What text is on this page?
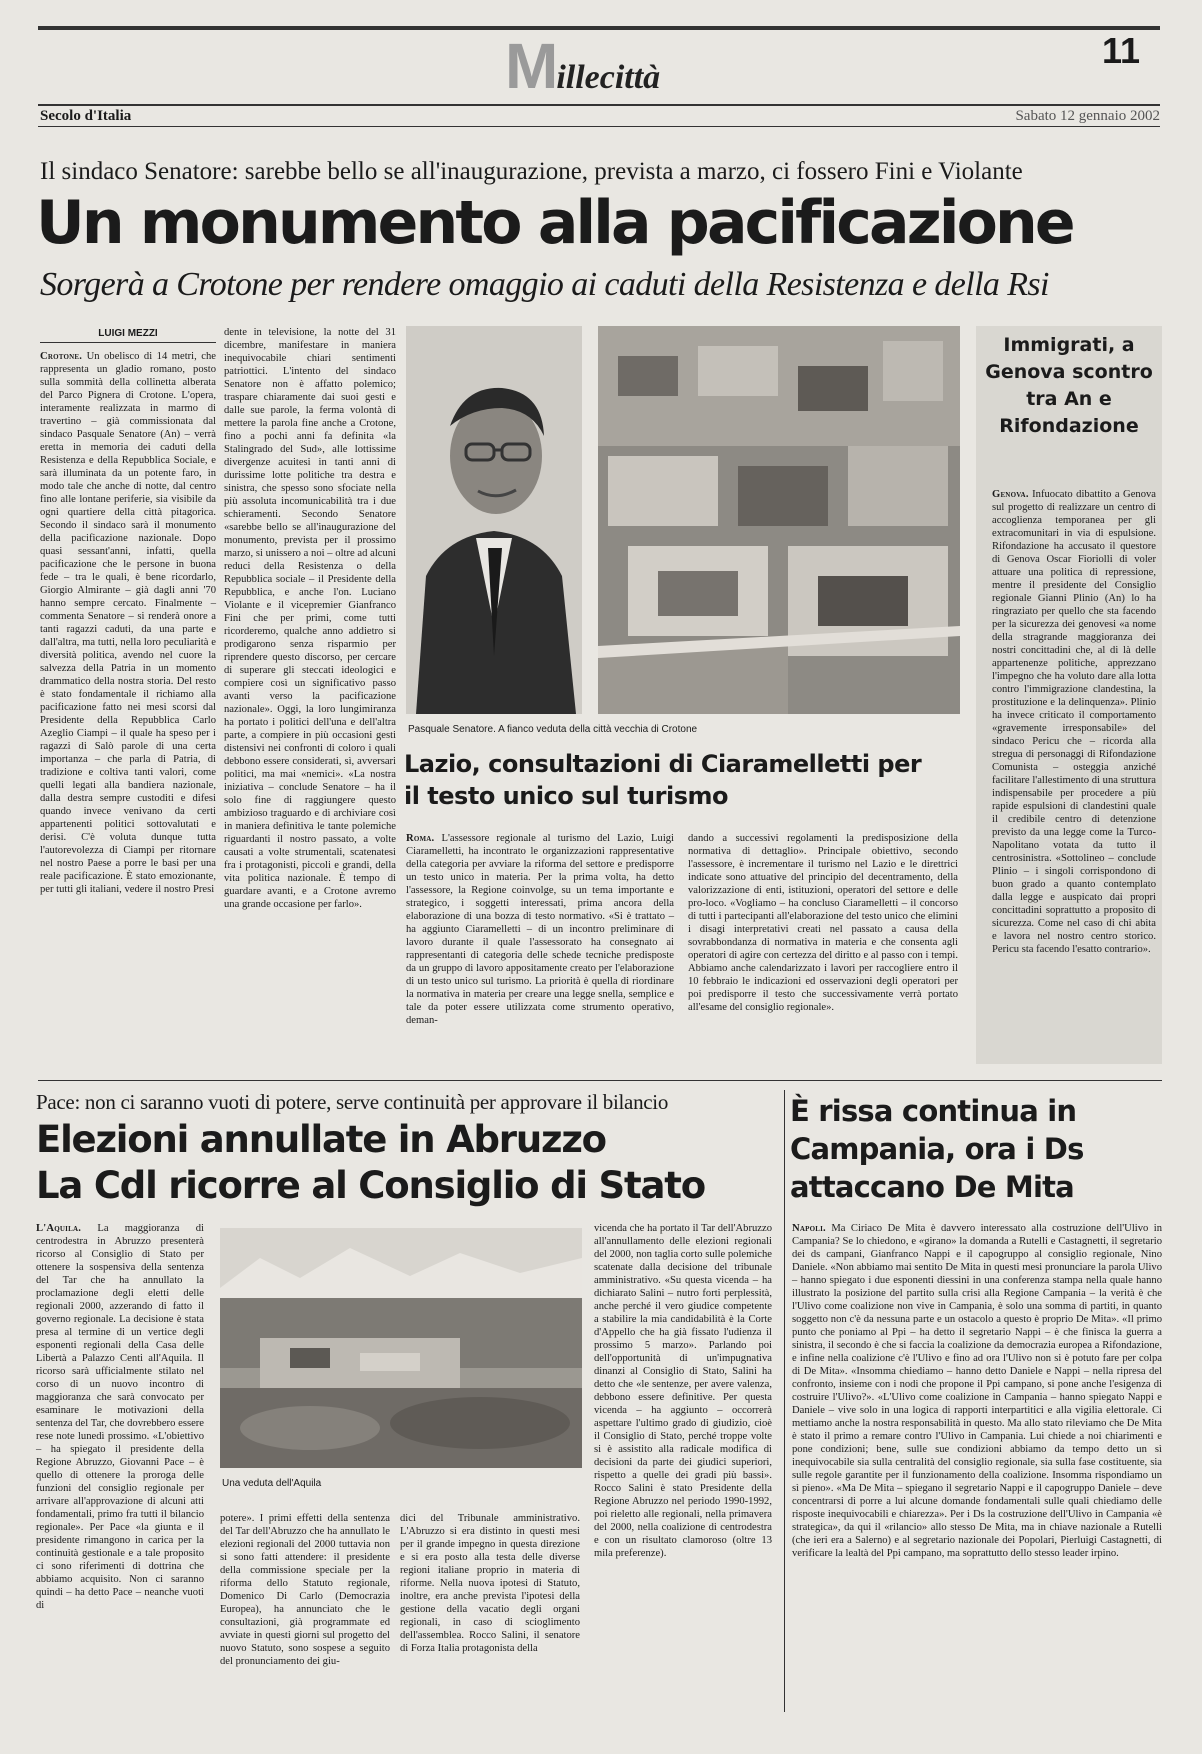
Millecittà
11
Secolo d'Italia	Sabato 12 gennaio 2002
Il sindaco Senatore: sarebbe bello se all'inaugurazione, prevista a marzo, ci fossero Fini e Violante
Un monumento alla pacificazione
Sorgerà a Crotone per rendere omaggio ai caduti della Resistenza e della Rsi
LUIGI MEZZI
Crotone. Un obelisco di 14 metri, che rappresenta un gladio romano, posto sulla sommità della collinetta alberata del Parco Pignera di Crotone. L'opera, interamente realizzata in marmo di travertino – già commissionata dal sindaco Pasquale Senatore (An) – verrà eretta in memoria dei caduti della Resistenza e della Repubblica Sociale, e sarà illuminata da un potente faro, in modo tale che anche di notte, dal centro fino alle lontane periferie, sia visibile da ogni quartiere della città pitagorica. Secondo il sindaco sarà il monumento della pacificazione nazionale. Dopo quasi sessant'anni, infatti, quella pacificazione che le persone in buona fede – tra le quali, è bene ricordarlo, Giorgio Almirante – già dagli anni '70 hanno sempre cercato. Finalmente – commenta Senatore – si renderà onore a tanti ragazzi caduti, da una parte e dall'altra, ma tutti, nella loro peculiarità e diversità politica, avendo nel cuore la salvezza della Patria in un momento drammatico della nostra storia. Del resto è stato fondamentale il richiamo alla pacificazione fatto nei mesi scorsi dal Presidente della Repubblica Carlo Azeglio Ciampi – il quale ha speso per i ragazzi di Salò parole di una certa importanza – che parla di Patria, di tradizione e coltiva tanti valori, come quelli legati alla bandiera nazionale, dalla destra sempre custoditi e difesi quando invece venivano da certi appartenenti politici sottovalutati e derisi. C'è voluta dunque tutta l'autorevolezza di Ciampi per ritornare nel nostro Paese a porre le basi per una reale pacificazione. È stato emozionante, per tutti gli italiani, vedere il nostro Presi
dente in televisione, la notte del 31 dicembre, manifestare in maniera inequivocabile chiari sentimenti patriottici. L'intento del sindaco Senatore non è affatto polemico; traspare chiaramente dai suoi gesti e dalle sue parole, la ferma volontà di mettere la parola fine anche a Crotone, fino a pochi anni fa definita «la Stalingrado del Sud», alle lottissime divergenze acuitesi in tanti anni di durissime lotte politiche tra destra e sinistra, che spesso sono sfociate nella più assoluta incomunicabilità tra i due schieramenti. Secondo Senatore «sarebbe bello se all'inaugurazione del monumento, prevista per il prossimo marzo, si unissero a noi – oltre ad alcuni reduci della Resistenza o della Repubblica sociale – il Presidente della Repubblica, e anche l'on. Luciano Violante e il vicepremier Gianfranco Fini che per primi, come tutti ricorderemo, qualche anno addietro si prodigarono senza risparmio per riprendere questo discorso, per cercare di superare gli steccati ideologici e compiere così un significativo passo avanti verso la pacificazione nazionale». Oggi, la loro lungimiranza ha portato i politici dell'una e dell'altra parte, a compiere in più occasioni gesti distensivi nei confronti di coloro i quali debbono essere considerati, sì, avversari politici, ma mai «nemici». «La nostra iniziativa – conclude Senatore – ha il solo fine di raggiungere questo ambizioso traguardo e di archiviare così in maniera definitiva le tante polemiche riguardanti il nostro passato, a volte causati a volte strumentali, scatenatesi fra i protagonisti, piccoli e grandi, della vita politica nazionale. È tempo di guardare avanti, e a Crotone avremo una grande occasione per farlo».
Pasquale Senatore. A fianco veduta della città vecchia di Crotone
Lazio, consultazioni di Ciaramelletti per il testo unico sul turismo
Roma. L'assessore regionale al turismo del Lazio, Luigi Ciaramelletti, ha incontrato le organizzazioni rappresentative della categoria per avviare la riforma del settore e predisporre un testo unico in materia. Per la prima volta, ha detto l'assessore, la Regione coinvolge, su un tema importante e strategico, i soggetti interessati, prima ancora della elaborazione di una bozza di testo normativo. «Si è trattato – ha aggiunto Ciaramelletti – di un incontro preliminare di lavoro durante il quale l'assessorato ha consegnato ai rappresentanti di categoria delle schede tecniche predisposte da un gruppo di lavoro appositamente creato per l'elaborazione di un testo unico sul turismo. La priorità è quella di riordinare la normativa in materia per creare una legge snella, semplice e tale da poter essere utilizzata come strumento operativo, deman-
dando a successivi regolamenti la predisposizione della normativa di dettaglio». Principale obiettivo, secondo l'assessore, è incrementare il turismo nel Lazio e le direttrici indicate sono attuative del principio del decentramento, della valorizzazione di enti, istituzioni, operatori del settore e delle pro-loco. «Vogliamo – ha concluso Ciaramelletti – il concorso di tutti i partecipanti all'elaborazione del testo unico che elimini i disagi interpretativi creati nel passato a causa della sovrabbondanza di normativa in materia e che consenta agli operatori di agire con certezza del diritto e al passo con i tempi. Abbiamo anche calendarizzato i lavori per raccogliere entro il 10 febbraio le indicazioni ed osservazioni degli operatori per poi predisporre il testo che successivamente verrà portato all'esame del consiglio regionale».
Immigrati, a Genova scontro tra An e Rifondazione
Genova. Infuocato dibattito a Genova sul progetto di realizzare un centro di accoglienza temporanea per gli extracomunitari in via di espulsione. Rifondazione ha accusato il questore di Genova Oscar Fioriolli di voler attuare una politica di repressione, mentre il presidente del Consiglio regionale Gianni Plinio (An) lo ha ringraziato per quello che sta facendo per la sicurezza dei genovesi «a nome della stragrande maggioranza dei nostri concittadini che, al di là delle appartenenze politiche, apprezzano l'impegno che ha voluto dare alla lotta contro l'immigrazione clandestina, la prostituzione e la delinquenza». Plinio ha invece criticato il comportamento «gravemente irresponsabile» del sindaco Pericu che – ricorda alla stregua di personaggi di Rifondazione Comunista – osteggia anziché facilitare l'allestimento di una struttura indispensabile per procedere a più rapide espulsioni di clandestini quale il credibile centro di detenzione previsto da una legge come la Turco-Napolitano votata da tutto il centrosinistra. «Sottolineo – conclude Plinio – i singoli corrispondono di buon grado a quanto contemplato dalla legge e auspicato dai propri concittadini soprattutto a proposito di sicurezza. Come nel caso di chi abita e lavora nel nostro centro storico. Pericu sta facendo l'esatto contrario».
Pace: non ci saranno vuoti di potere, serve continuità per approvare il bilancio
Elezioni annullate in Abruzzo
La Cdl ricorre al Consiglio di Stato
L'Aquila. La maggioranza di centrodestra in Abruzzo presenterà ricorso al Consiglio di Stato per ottenere la sospensiva della sentenza del Tar che ha annullato la proclamazione degli eletti delle regionali 2000, azzerando di fatto il governo regionale. La decisione è stata presa al termine di un vertice degli esponenti regionali della Casa delle Libertà a Palazzo Centi all'Aquila. Il ricorso sarà ufficialmente stilato nel corso di un nuovo incontro di maggioranza che sarà convocato per esaminare le motivazioni della sentenza del Tar, che dovrebbero essere rese note lunedì prossimo. «L'obiettivo – ha spiegato il presidente della Regione Abruzzo, Giovanni Pace – è quello di ottenere la proroga delle funzioni del consiglio regionale per arrivare all'approvazione di alcuni atti fondamentali, primo fra tutti il bilancio regionale». Per Pace «la giunta e il presidente rimangono in carica per la continuità gestionale e a tale proposito ci sono riferimenti di dottrina che abbiamo acquisito. Non ci saranno quindi – ha detto Pace – neanche vuoti di
Una veduta dell'Aquila
potere». I primi effetti della sentenza del Tar dell'Abruzzo che ha annullato le elezioni regionali del 2000 tuttavia non si sono fatti attendere: il presidente della commissione speciale per la riforma dello Statuto regionale, Domenico Di Carlo (Democrazia Europea), ha annunciato che le consultazioni, già programmate ed avviate in questi giorni sul progetto del nuovo Statuto, sono sospese a seguito del pronunciamento dei giu-
dici del Tribunale amministrativo. L'Abruzzo si era distinto in questi mesi per il grande impegno in questa direzione e si era posto alla testa delle diverse regioni italiane proprio in materia di riforme. Nella nuova ipotesi di Statuto, inoltre, era anche prevista l'ipotesi della gestione della vacatio degli organi regionali, in caso di scioglimento dell'assemblea. Rocco Salini, il senatore di Forza Italia protagonista della
vicenda che ha portato il Tar dell'Abruzzo all'annullamento delle elezioni regionali del 2000, non taglia corto sulle polemiche scatenate dalla decisione del tribunale amministrativo. «Su questa vicenda – ha dichiarato Salini – nutro forti perplessità, anche perché il vero giudice competente a stabilire la mia candidabilità è la Corte d'Appello che ha già fissato l'udienza il prossimo 5 marzo». Parlando poi dell'opportunità di un'impugnativa dinanzi al Consiglio di Stato, Salini ha detto che «le sentenze, per avere valenza, debbono essere definitive. Per questa vicenda – ha aggiunto – occorrerà aspettare l'ultimo grado di giudizio, cioè il Consiglio di Stato, perché troppe volte si è assistito alla radicale modifica di decisioni da parte dei giudici superiori, rispetto a quelle dei gradi più bassi». Rocco Salini è stato Presidente della Regione Abruzzo nel periodo 1990-1992, poi rieletto alle regionali, nella primavera del 2000, nella coalizione di centrodestra e con un risultato clamoroso (oltre 13 mila preferenze).
È rissa continua in Campania, ora i Ds attaccano De Mita
Napoli. Ma Ciriaco De Mita è davvero interessato alla costruzione dell'Ulivo in Campania? Se lo chiedono, e «girano» la domanda a Rutelli e Castagnetti, il segretario dei ds campani, Gianfranco Nappi e il capogruppo al consiglio regionale, Nino Daniele. «Non abbiamo mai sentito De Mita in questi mesi pronunciare la parola Ulivo – hanno spiegato i due esponenti diessini in una conferenza stampa nella quale hanno illustrato la posizione del partito sulla crisi alla Regione Campania – la verità è che l'Ulivo come coalizione non vive in Campania, è solo una somma di partiti, in quanto soggetto non c'è da nessuna parte e un ostacolo a questo è proprio De Mita». «Il primo punto che poniamo al Ppi – ha detto il segretario Nappi – è che finisca la guerra a sinistra, il secondo è che si faccia la coalizione da democrazia europea a Rifondazione, e infine nella coalizione c'è l'Ulivo e fino ad ora l'Ulivo non si è potuto fare per colpa di De Mita». «Insomma chiediamo – hanno detto Daniele e Nappi – nella ripresa del confronto, insieme con i nodi che propone il Ppi campano, si pone anche l'esigenza di costruire l'Ulivo?». «L'Ulivo come coalizione in Campania – hanno spiegato Nappi e Daniele – vive solo in una logica di rapporti interpartitici e alla vigilia elettorale. Ci mettiamo anche la nostra responsabilità in questo. Ma allo stato rileviamo che De Mita è stato il primo a remare contro l'Ulivo in Campania. Lui chiede a noi chiarimenti e pone condizioni; bene, sulle sue condizioni abbiamo da tempo detto un sì inequivocabile sia sulla centralità del consiglio regionale, sia sulla fase costituente, sia sulle regole garantite per il funzionamento della coalizione. Insomma rispondiamo un sì pieno». «Ma De Mita – spiegano il segretario Nappi e il capogruppo Daniele – deve concentrarsi di porre a lui alcune domande fondamentali sulle quali chiediamo delle risposte inequivocabili e chiarezza». Per i Ds la costruzione dell'Ulivo in Campania «è strategica», da qui il «rilancio» allo stesso De Mita, ma in chiave nazionale a Rutelli (che ieri era a Salerno) e al segretario nazionale dei Popolari, Pierluigi Castagnetti, di verificare la lealtà del Ppi campano, ma soprattutto dello stesso leader irpino.
